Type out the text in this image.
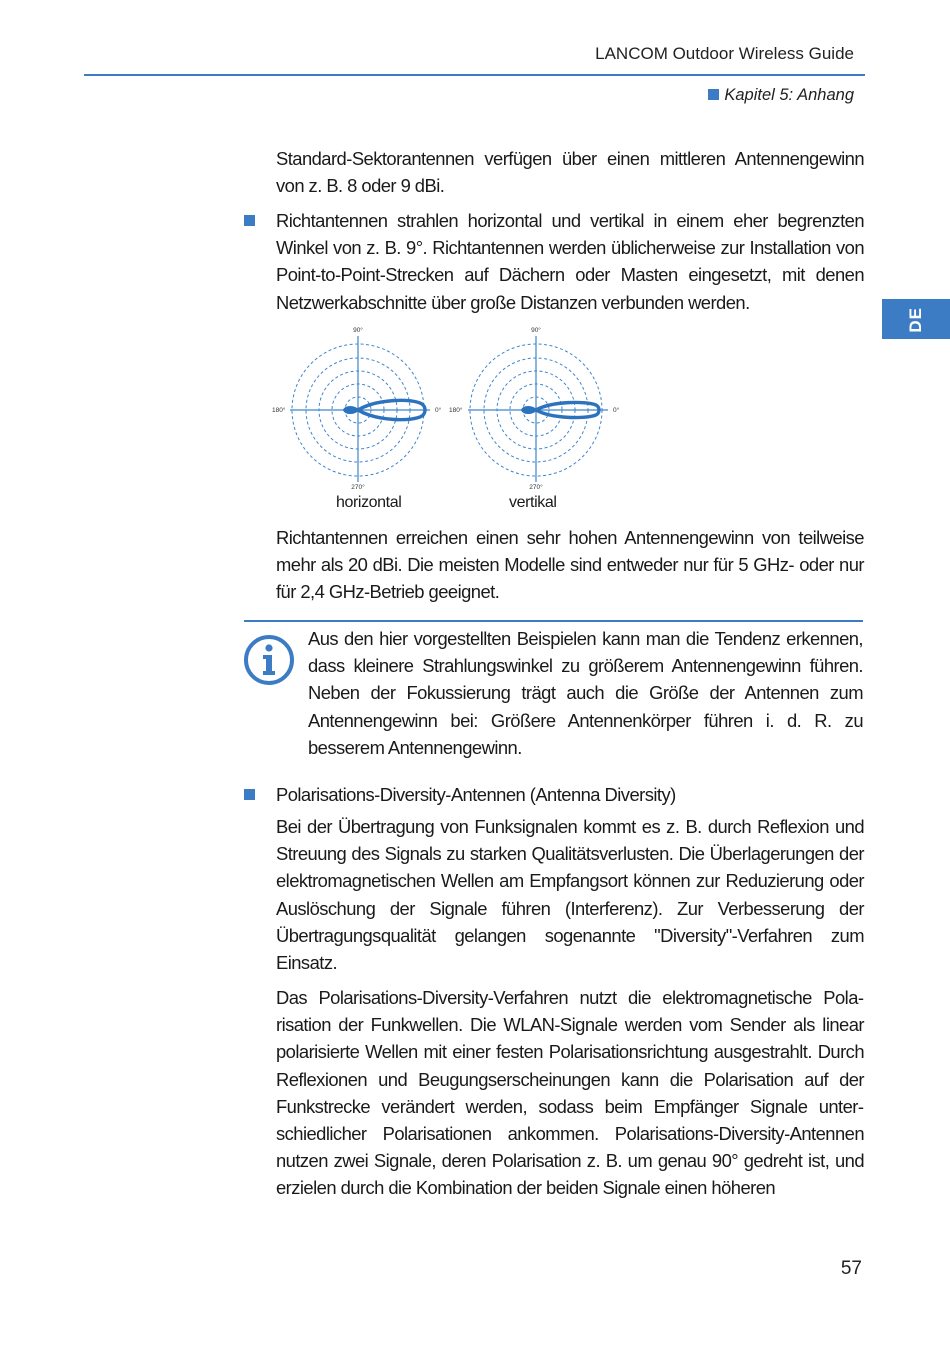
LANCOM Outdoor Wireless Guide
Kapitel 5: Anhang
DE
Standard-Sektorantennen verfügen über einen mittleren Antennengewinn von z. B. 8 oder 9 dBi.
Richtantennen strahlen horizontal und vertikal in einem eher begrenzten Winkel von z. B. 9°. Richtantennen werden üblicherweise zur Installation von Point-to-Point-Strecken auf Dächern oder Masten eingesetzt, mit denen Netzwerkabschnitte über große Distanzen verbunden werden.
90°
180°	0°
270°
90°
180°	0°
270°
horizontal	vertikal
Richtantennen erreichen einen sehr hohen Antennengewinn von teilweise mehr als 20 dBi. Die meisten Modelle sind entweder nur für 5 GHz- oder nur für 2,4 GHz-Betrieb geeignet.
Aus den hier vorgestellten Beispielen kann man die Tendenz erkennen, dass kleinere Strahlungswinkel zu größerem Antennengewinn führen. Neben der Fokussierung trägt auch die Größe der Antennen zum Antennengewinn bei: Größere Antennenkörper führen i. d. R. zu besserem Antennengewinn.
Polarisations-Diversity-Antennen (Antenna Diversity)
Bei der Übertragung von Funksignalen kommt es z. B. durch Reflexion und Streuung des Signals zu starken Qualitätsverlusten. Die Überlagerungen der elektromagnetischen Wellen am Empfangsort können zur Reduzierung oder Auslöschung der Signale führen (Interferenz). Zur Verbesserung der Übertragungsqualität gelangen sogenannte "Diversity"-Verfahren zum Einsatz.
Das Polarisations-Diversity-Verfahren nutzt die elektromagnetische Polarisation der Funkwellen. Die WLAN-Signale werden vom Sender als linear polarisierte Wellen mit einer festen Polarisationsrichtung ausgestrahlt. Durch Reflexionen und Beugungserscheinungen kann die Polarisation auf der Funkstrecke verändert werden, sodass beim Empfänger Signale unterschiedlicher Polarisationen ankommen. Polarisations-Diversity-Antennen nutzen zwei Signale, deren Polarisation z. B. um genau 90° gedreht ist, und erzielen durch die Kombination der beiden Signale einen höheren
57
